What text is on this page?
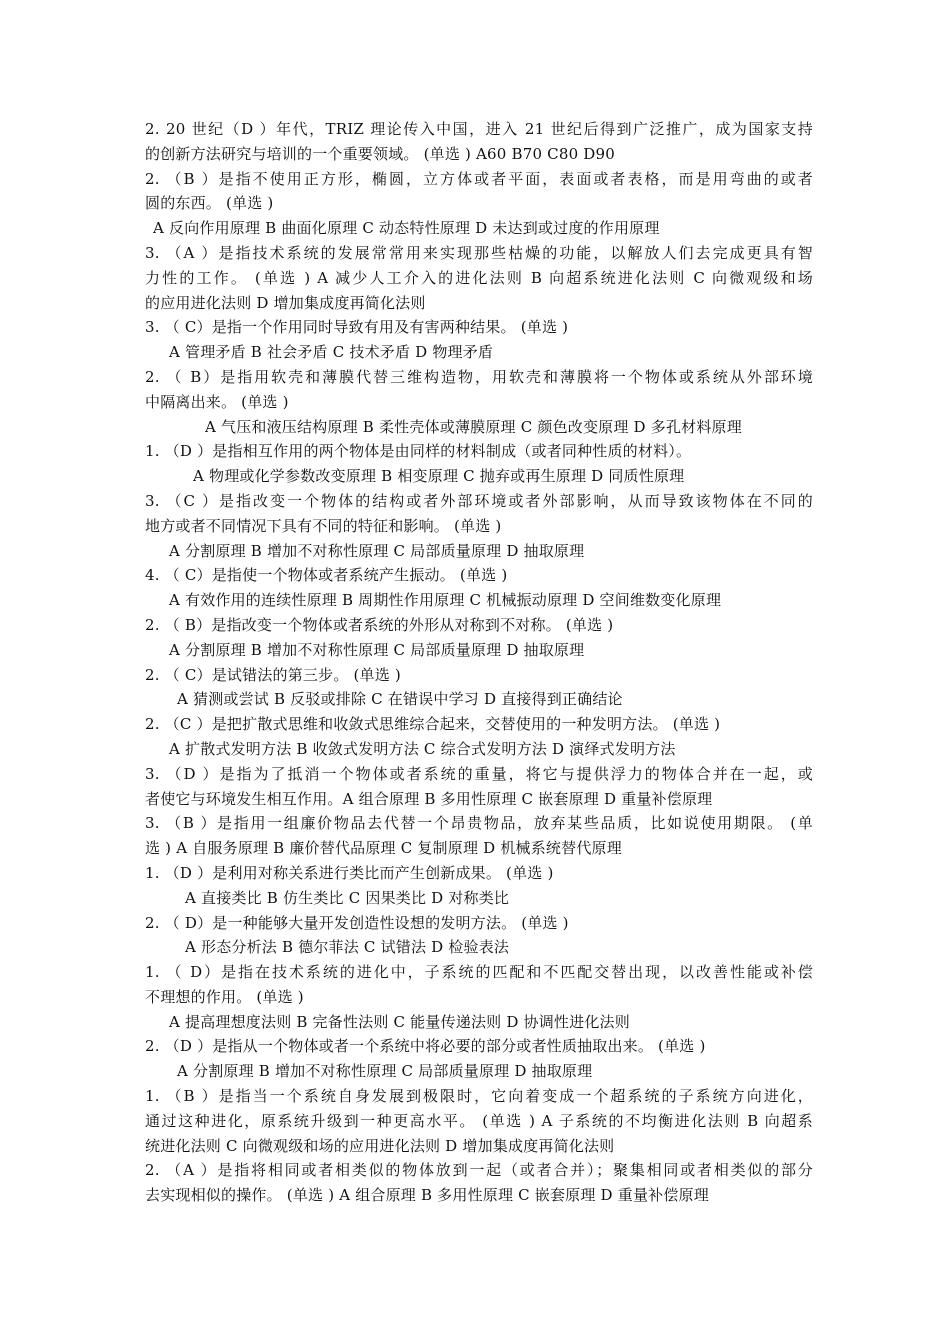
2. 20 世纪（D ）年代，TRIZ 理论传入中国，进入 21 世纪后得到广泛推广，成为国家支持
的创新方法研究与培训的一个重要领域。 (单选 ) A60 B70 C80 D90
2. （B ）是指不使用正方形，椭圆，立方体或者平面，表面或者表格，而是用弯曲的或者
圆的东西。 (单选 )
A 反向作用原理 B 曲面化原理 C 动态特性原理 D 未达到或过度的作用原理
3. （A ）是指技术系统的发展常常用来实现那些枯燥的功能，以解放人们去完成更具有智
力性的工作。 (单选 ) A 减少人工介入的进化法则 B 向超系统进化法则 C 向微观级和场
的应用进化法则 D 增加集成度再简化法则
3. （ C）是指一个作用同时导致有用及有害两种结果。 (单选 )
A 管理矛盾 B 社会矛盾 C 技术矛盾 D 物理矛盾
2. （ B）是指用软壳和薄膜代替三维构造物，用软壳和薄膜将一个物体或系统从外部环境
中隔离出来。 (单选 )
A 气压和液压结构原理 B 柔性壳体或薄膜原理 C 颜色改变原理 D 多孔材料原理
1. （D ）是指相互作用的两个物体是由同样的材料制成（或者同种性质的材料）。
A 物理或化学参数改变原理 B 相变原理 C 抛弃或再生原理 D 同质性原理
3. （C ）是指改变一个物体的结构或者外部环境或者外部影响，从而导致该物体在不同的
地方或者不同情况下具有不同的特征和影响。 (单选 )
A 分割原理 B 增加不对称性原理 C 局部质量原理 D 抽取原理
4. （ C）是指使一个物体或者系统产生振动。 (单选 )
A 有效作用的连续性原理 B 周期性作用原理 C 机械振动原理 D 空间维数变化原理
2. （ B）是指改变一个物体或者系统的外形从对称到不对称。 (单选 )
A 分割原理 B 增加不对称性原理 C 局部质量原理 D 抽取原理
2. （ C）是试错法的第三步。 (单选 )
A 猜测或尝试 B 反驳或排除 C 在错误中学习 D 直接得到正确结论
2. （C ）是把扩散式思维和收敛式思维综合起来，交替使用的一种发明方法。 (单选 )
A 扩散式发明方法 B 收敛式发明方法 C 综合式发明方法 D 演绎式发明方法
3. （D ）是指为了抵消一个物体或者系统的重量，将它与提供浮力的物体合并在一起，或
者使它与环境发生相互作用。A 组合原理 B 多用性原理 C 嵌套原理 D 重量补偿原理
3. （B ）是指用一组廉价物品去代替一个昂贵物品，放弃某些品质，比如说使用期限。 (单
选 ) A 自服务原理 B 廉价替代品原理 C 复制原理 D 机械系统替代原理
1. （D ）是利用对称关系进行类比而产生创新成果。 (单选 )
A 直接类比 B 仿生类比 C 因果类比 D 对称类比
2. （ D）是一种能够大量开发创造性设想的发明方法。 (单选 )
A 形态分析法 B 德尔菲法 C 试错法 D 检验表法
1. （ D）是指在技术系统的进化中，子系统的匹配和不匹配交替出现，以改善性能或补偿
不理想的作用。 (单选 )
A 提高理想度法则 B 完备性法则 C 能量传递法则 D 协调性进化法则
2. （D ）是指从一个物体或者一个系统中将必要的部分或者性质抽取出来。 (单选 )
A 分割原理 B 增加不对称性原理 C 局部质量原理 D 抽取原理
1. （B ）是指当一个系统自身发展到极限时，它向着变成一个超系统的子系统方向进化，
通过这种进化，原系统升级到一种更高水平。 (单选 ) A 子系统的不均衡进化法则 B 向超系
统进化法则 C 向微观级和场的应用进化法则 D 增加集成度再简化法则
2. （A ）是指将相同或者相类似的物体放到一起（或者合并）；聚集相同或者相类似的部分
去实现相似的操作。 (单选 ) A 组合原理 B 多用性原理 C 嵌套原理 D 重量补偿原理
